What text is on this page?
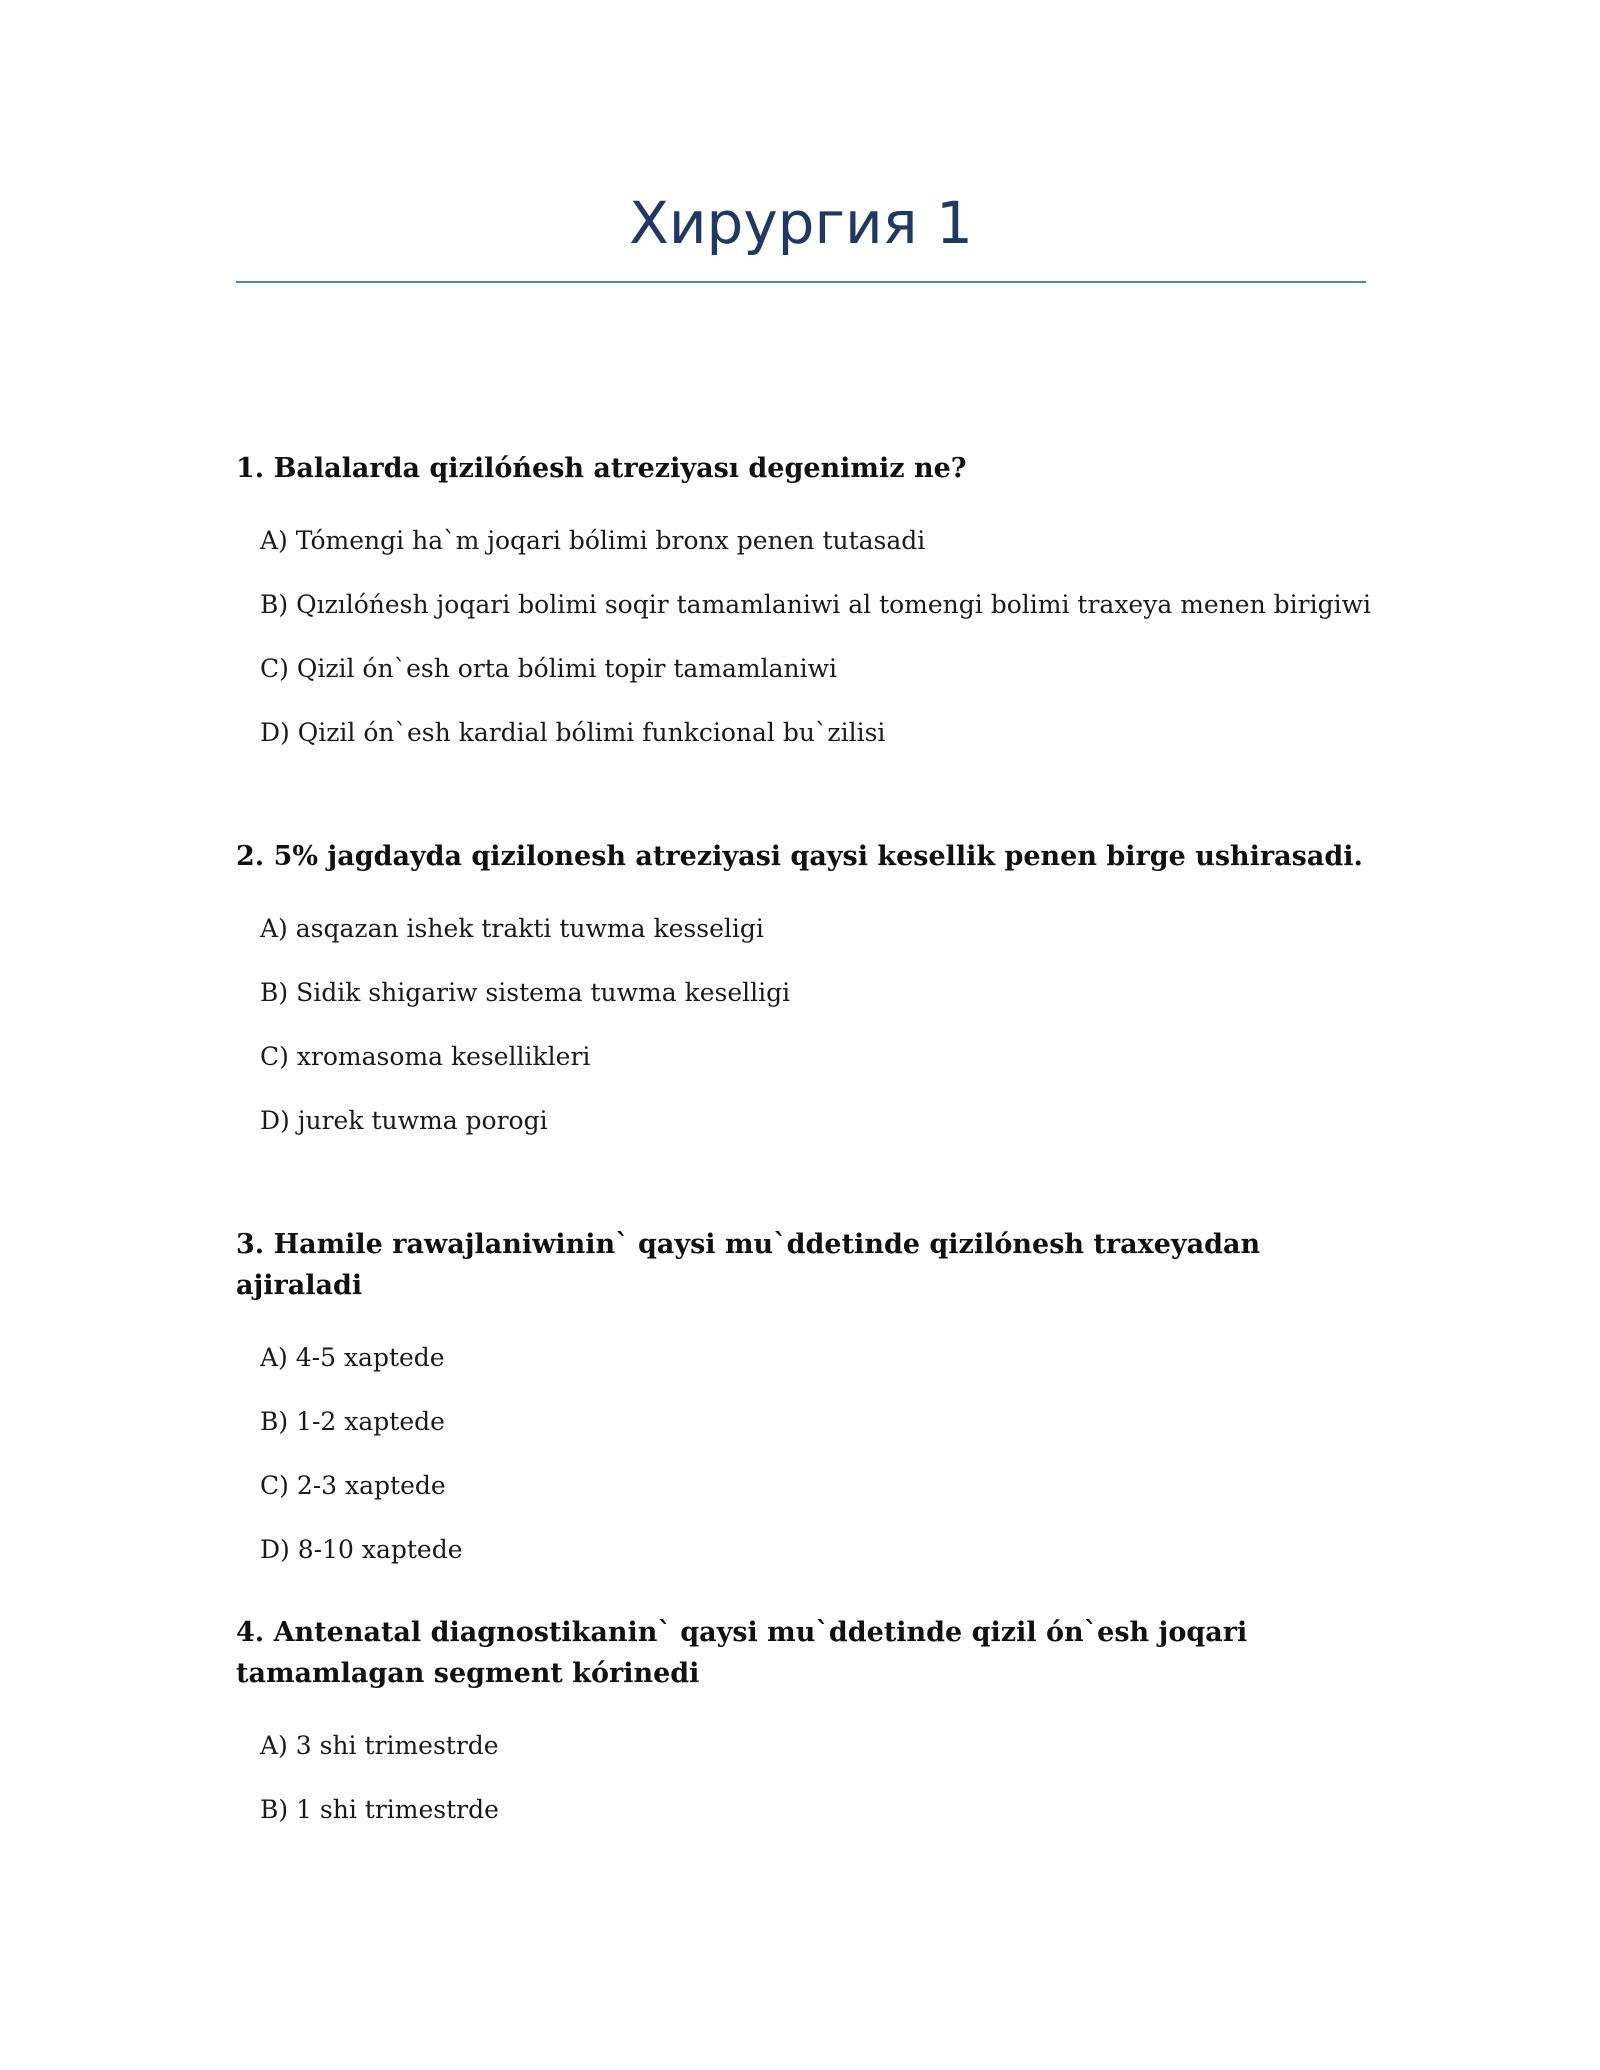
Хирургия 1

1. Balalarda qizilóńesh atreziyası degenimiz ne?

A) Tómengi ha`m joqari bólimi bronx penen tutasadi
B) Qızılóńesh joqari bolimi soqir tamamlaniwi al tomengi bolimi traxeya menen birigiwi
C) Qizil ón`esh orta bólimi topir tamamlaniwi
D) Qizil ón`esh kardial bólimi funkcional bu`zilisi

2. 5% jagdayda qizilonesh atreziyasi qaysi kesellik penen birge ushirasadi.

A) asqazan ishek trakti tuwma kesseligi
B) Sidik shigariw sistema tuwma keselligi
C) xromasoma kesellikleri
D) jurek tuwma porogi

3. Hamile rawajlaniwinin` qaysi mu`ddetinde qizilónesh traxeyadan ajiraladi

A) 4-5 xaptede
B) 1-2 xaptede
C) 2-3 xaptede
D) 8-10 xaptede

4. Antenatal diagnostikanin` qaysi mu`ddetinde qizil ón`esh joqari tamamlagan segment kórinedi

A) 3 shi trimestrde
B) 1 shi trimestrde
